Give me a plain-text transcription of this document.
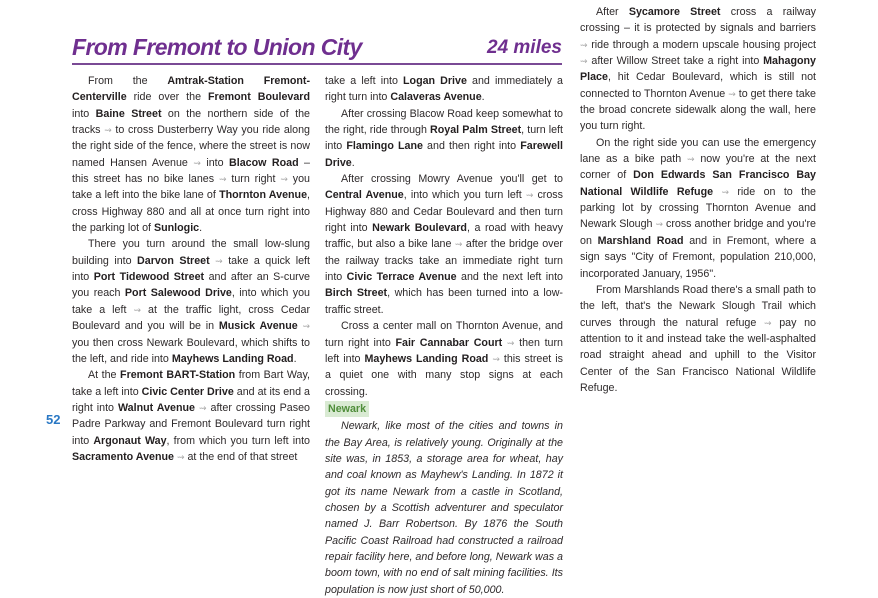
From Fremont to Union City	24 miles

From the Amtrak-Station Fremont-Centerville ride over the Fremont Boulevard into Baine Street on the northern side of the tracks ⇝ to cross Dusterberry Way you ride along the right side of the fence, where the street is now named Hansen Avenue ⇝ into Blacow Road – this street has no bike lanes ⇝ turn right ⇝ you take a left into the bike lane of Thornton Avenue, cross Highway 880 and all at once turn right into the parking lot of Sunlogic.

There you turn around the small low-slung building into Darvon Street ⇝ take a quick left into Port Tidewood Street and after an S-curve you reach Port Salewood Drive, into which you take a left ⇝ at the traffic light, cross Cedar Boulevard and you will be in Musick Avenue ⇝ you then cross Newark Boulevard, which shifts to the left, and ride into Mayhews Landing Road.

At the Fremont BART-Station from Bart Way, take a left into Civic Center Drive and at its end a right into Walnut Avenue ⇝ after crossing Paseo Padre Parkway and Fremont Boulevard turn right into Argonaut Way, from which you turn left into Sacramento Avenue ⇝ at the end of that street

take a left into Logan Drive and immediately a right turn into Calaveras Avenue.

After crossing Blacow Road keep somewhat to the right, ride through Royal Palm Street, turn left into Flamingo Lane and then right into Farewell Drive.

After crossing Mowry Avenue you'll get to Central Avenue, into which you turn left ⇝ cross Highway 880 and Cedar Boulevard and then turn right into Newark Boulevard, a road with heavy traffic, but also a bike lane ⇝ after the bridge over the railway tracks take an immediate right turn into Civic Terrace Avenue and the next left into Birch Street, which has been turned into a low-traffic street.

Cross a center mall on Thornton Avenue, and turn right into Fair Cannabar Court ⇝ then turn left into Mayhews Landing Road ⇝ this street is a quiet one with many stop signs at each crossing.

Newark

Newark, like most of the cities and towns in the Bay Area, is relatively young. Originally at the site was, in 1853, a storage area for wheat, hay and coal known as Mayhew's Landing. In 1872 it got its name Newark from a castle in Scotland, chosen by a Scottish adventurer and speculator named J. Barr Robertson. By 1876 the South Pacific Coast Railroad had constructed a railroad repair facility here, and before long, Newark was a boom town, with no end of salt mining facilities. Its population is now just short of 50,000.

After Sycamore Street cross a railway crossing – it is protected by signals and barriers ⇝ ride through a modern upscale housing project ⇝ after Willow Street take a right into Mahagony Place, hit Cedar Boulevard, which is still not connected to Thornton Avenue ⇝ to get there take the broad concrete sidewalk along the wall, here you turn right.

On the right side you can use the emergency lane as a bike path ⇝ now you're at the next corner of Don Edwards San Francisco Bay National Wildlife Refuge ⇝ ride on to the parking lot by crossing Thornton Avenue and Newark Slough ⇝ cross another bridge and you're on Marshland Road and in Fremont, where a sign says "City of Fremont, population 210,000, incorporated January, 1956".

From Marshlands Road there's a small path to the left, that's the Newark Slough Trail which curves through the natural refuge ⇝ pay no attention to it and instead take the well-asphalted road straight ahead and uphill to the Visitor Center of the San Francisco National Wildlife Refuge.

52
